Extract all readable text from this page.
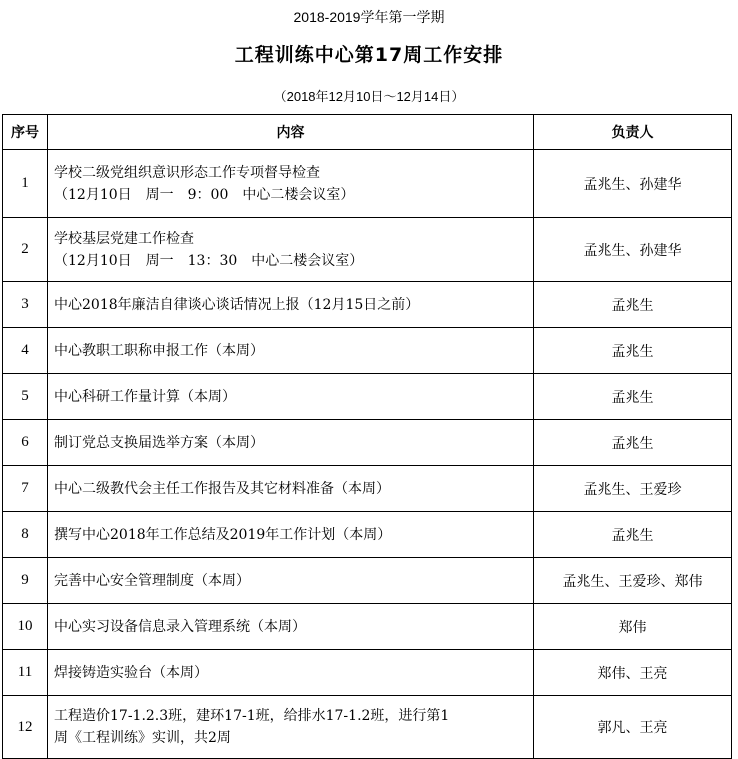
2018-2019学年第一学期
工程训练中心第17周工作安排
（2018年12月10日～12月14日）
序号	内容	负责人
1	学校二级党组织意识形态工作专项督导检查
（12月10日　周一　9：00　中心二楼会议室）	孟兆生、孙建华
2	学校基层党建工作检查
（12月10日　周一　13：30　中心二楼会议室）	孟兆生、孙建华
3	中心2018年廉洁自律谈心谈话情况上报（12月15日之前）	孟兆生
4	中心教职工职称申报工作（本周）	孟兆生
5	中心科研工作量计算（本周）	孟兆生
6	制订党总支换届选举方案（本周）	孟兆生
7	中心二级教代会主任工作报告及其它材料准备（本周）	孟兆生、王爱珍
8	撰写中心2018年工作总结及2019年工作计划（本周）	孟兆生
9	完善中心安全管理制度（本周）	孟兆生、王爱珍、郑伟
10	中心实习设备信息录入管理系统（本周）	郑伟
11	焊接铸造实验台（本周）	郑伟、王亮
12	工程造价17-1.2.3班，建环17-1班，给排水17-1.2班，进行第1
周《工程训练》实训，共2周	郭凡、王亮
